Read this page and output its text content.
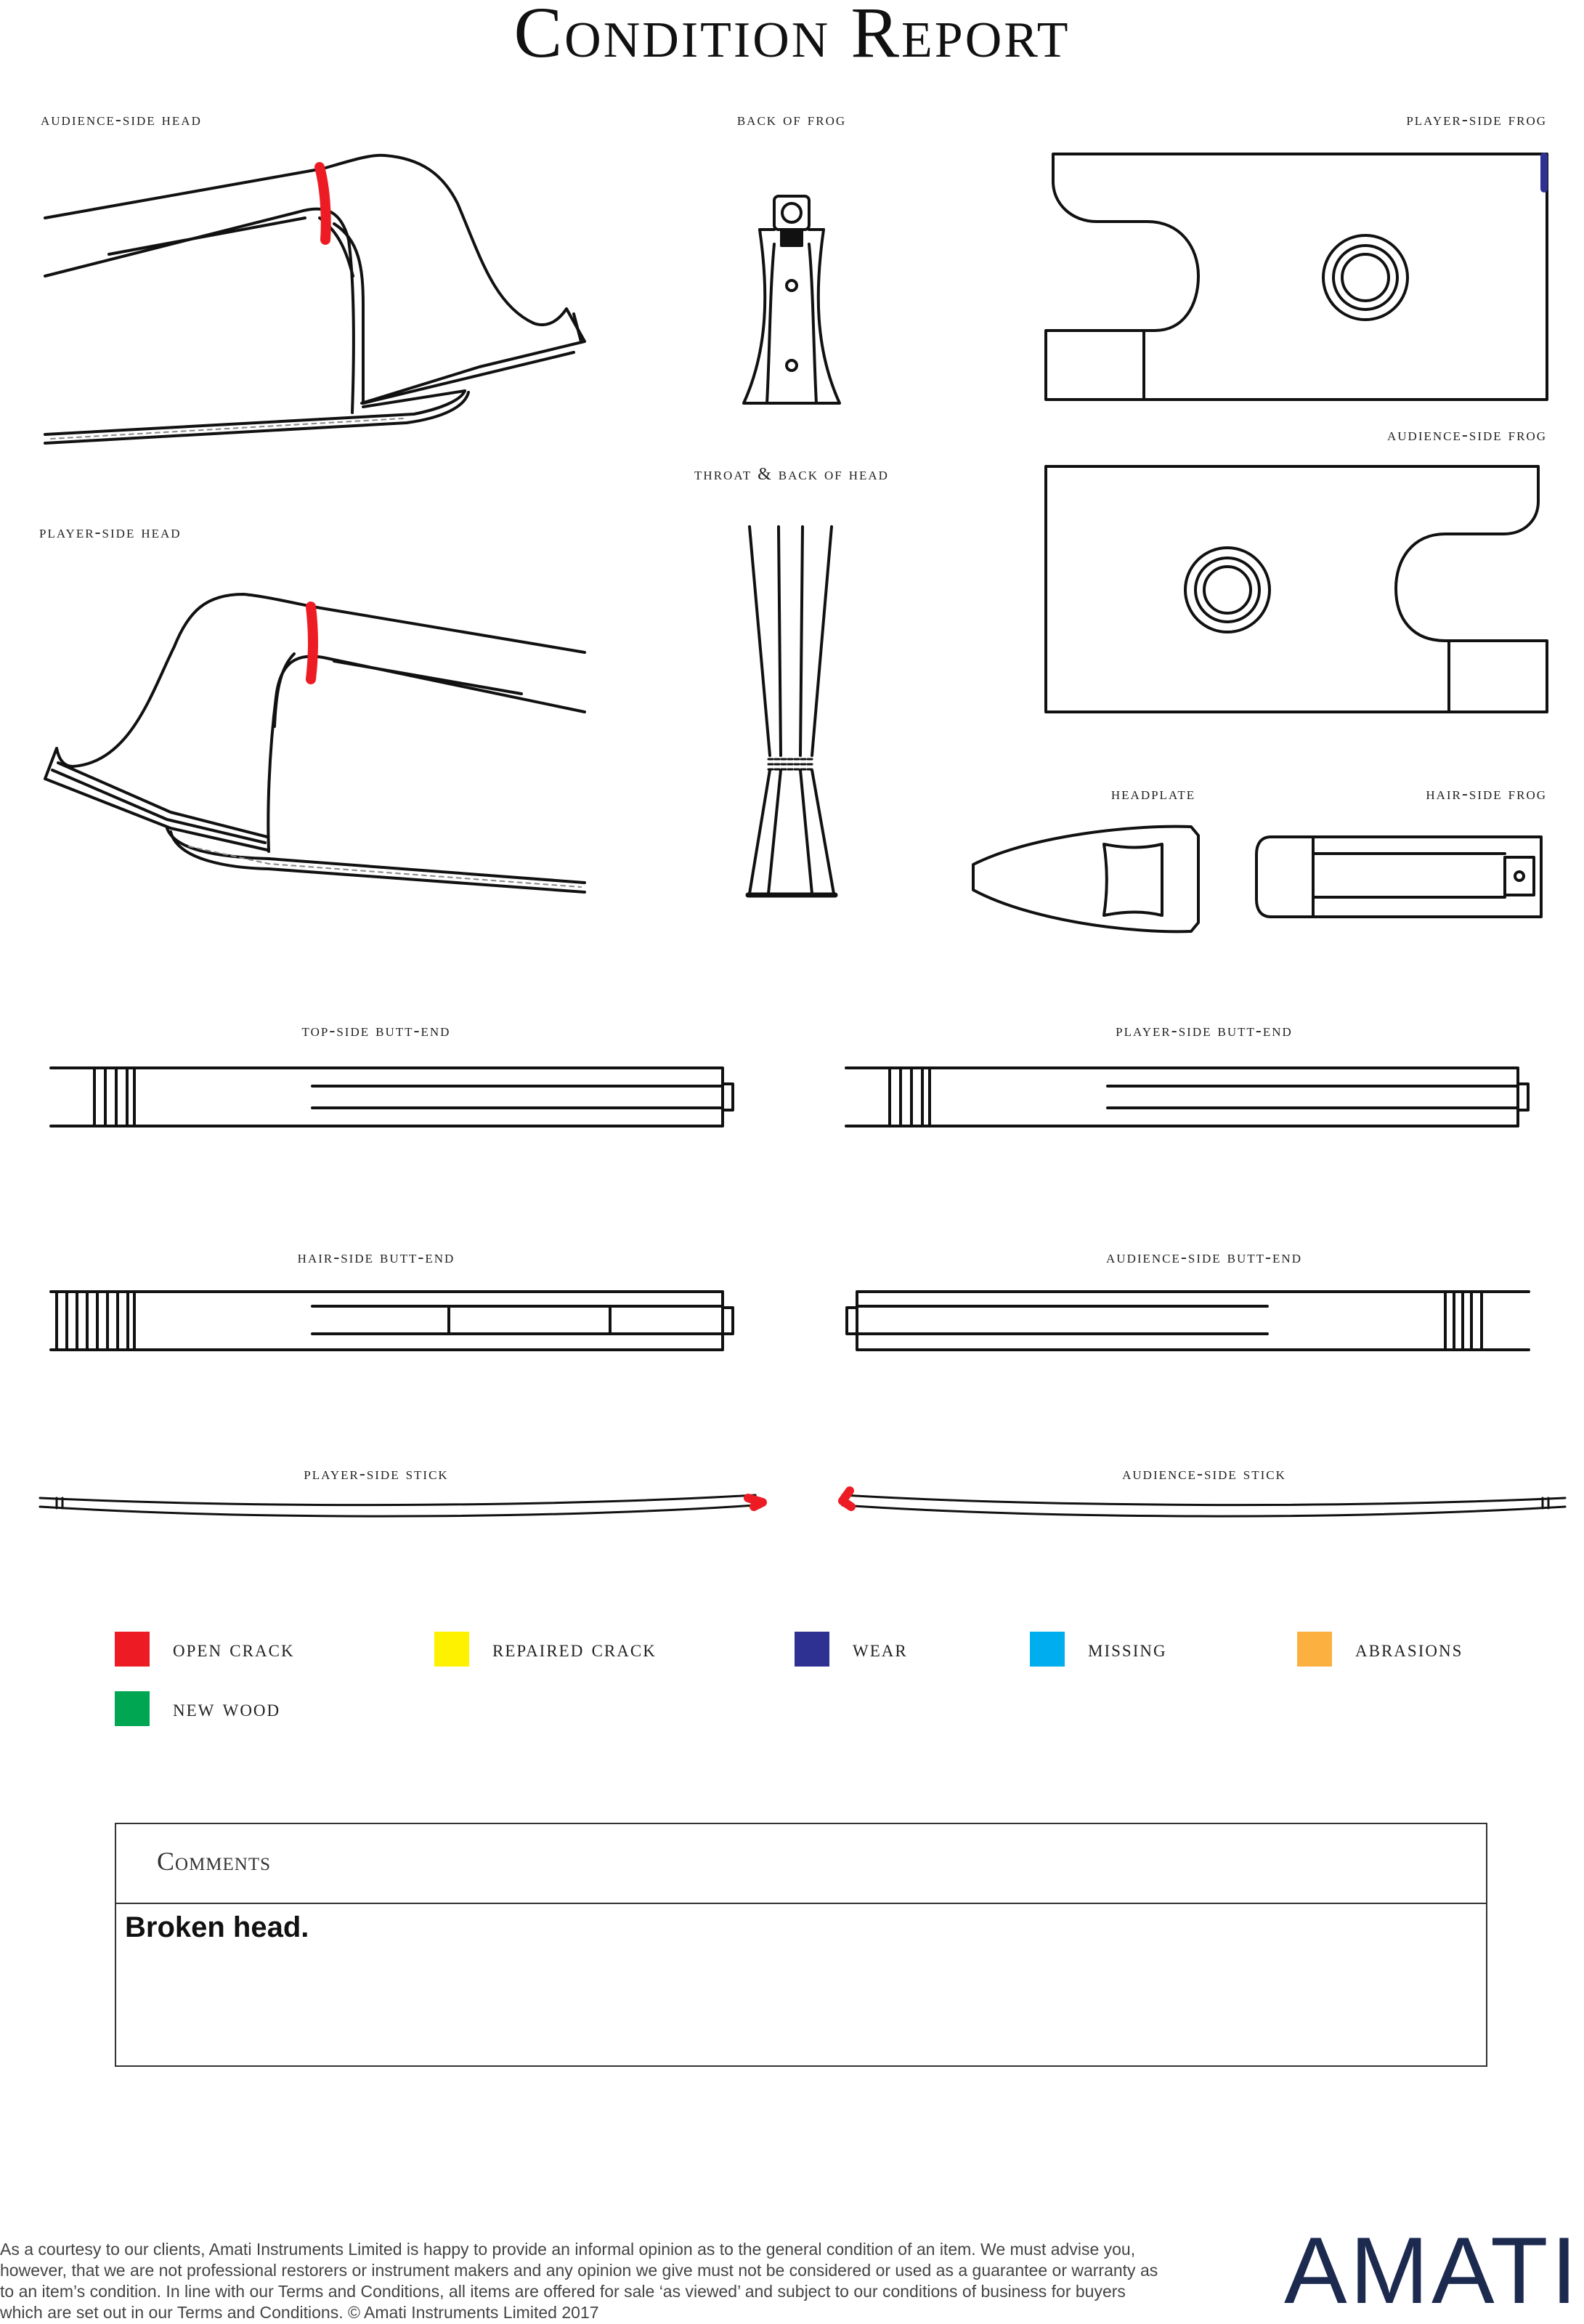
Condition Report
audience-side head	back of frog	player-side frog
audience-side frog
throat & back of head
player-side head
headplate	hair-side frog
top-side butt-end	player-side butt-end
hair-side butt-end	audience-side butt-end
player-side stick	audience-side stick
open crack	repaired crack	wear	missing	abrasions
new wood
Comments
Broken head.
As a courtesy to our clients, Amati Instruments Limited is happy to provide an informal opinion as to the general condition of an item. We must advise you, however, that we are not professional restorers or instrument makers and any opinion we give must not be considered or used as a guarantee or warranty as to an item’s condition. In line with our Terms and Conditions, all items are offered for sale ‘as viewed’ and subject to our conditions of business for buyers which are set out in our Terms and Conditions. © Amati Instruments Limited 2017	AMATI
